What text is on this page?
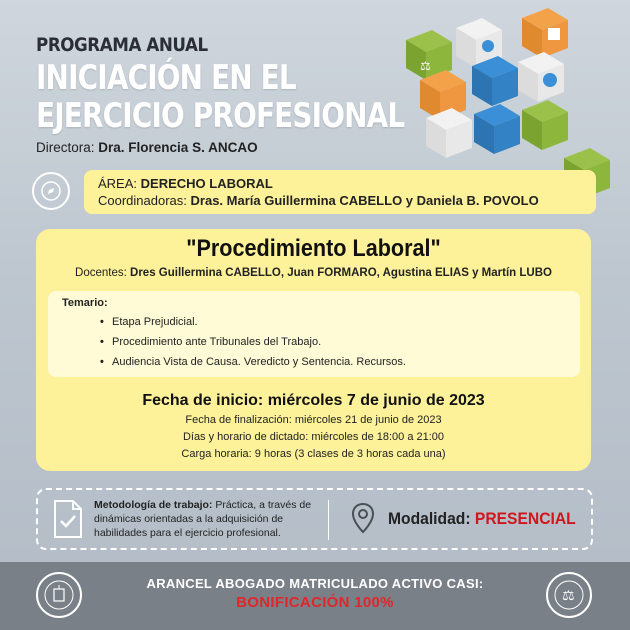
PROGRAMA ANUAL
INICIACIÓN EN EL
EJERCICIO PROFESIONAL
Directora: Dra. Florencia S. ANCAO
⚖
ÁREA: DERECHO LABORAL
Coordinadoras: Dras. María Guillermina CABELLO y Daniela B. POVOLO
"Procedimiento Laboral"
Docentes: Dres Guillermina CABELLO, Juan FORMARO, Agustina ELIAS y Martín LUBO
Temario:
• Etapa Prejudicial.
• Procedimiento ante Tribunales del Trabajo.
• Audiencia Vista de Causa. Veredicto y Sentencia. Recursos.
Fecha de inicio: miércoles 7 de junio de 2023
Fecha de finalización: miércoles 21 de junio de 2023
Días y horario de dictado: miércoles de 18:00 a 21:00
Carga horaria: 9 horas (3 clases de 3 horas cada una)
Metodología de trabajo: Práctica, a través de dinámicas orientadas a la adquisición de habilidades para el ejercicio profesional.
Modalidad: PRESENCIAL
ARANCEL ABOGADO MATRICULADO ACTIVO CASI:
BONIFICACIÓN 100%	⚖
